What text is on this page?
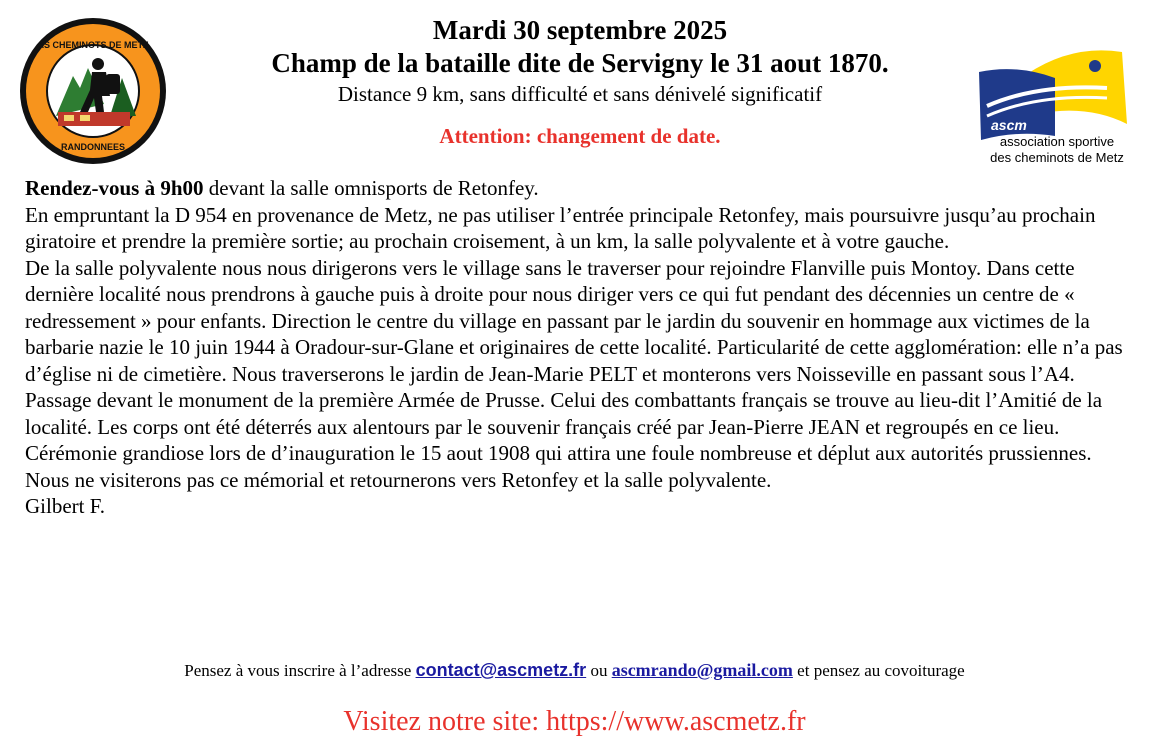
AS CHEMINOTS DE METZ
RANDONNEES
Mardi 30 septembre 2025
Champ de la bataille dite de Servigny le 31 aout 1870.
Distance 9 km, sans difficulté et sans dénivelé significatif
Attention: changement de date.	ascm
association sportive
des cheminots de Metz

Rendez-vous à 9h00 devant la salle omnisports de Retonfey.

En empruntant la D 954 en provenance de Metz, ne pas utiliser l’entrée principale Retonfey, mais poursuivre jusqu’au prochain giratoire et prendre la première sortie; au prochain croisement, à un km, la salle polyvalente et à votre gauche.

De la salle polyvalente nous nous dirigerons vers le village sans le traverser pour rejoindre Flanville puis Montoy. Dans cette dernière localité nous prendrons à gauche puis à droite pour nous diriger vers ce qui fut pendant des décennies un centre de « redressement » pour enfants. Direction le centre du village en passant par le jardin du souvenir en hommage aux victimes de la barbarie nazie le 10 juin 1944 à Oradour-sur-Glane et originaires de cette localité. Particularité de cette agglomération: elle n’a pas d’église ni de cimetière. Nous traverserons le jardin de Jean-Marie PELT et monterons vers Noisseville en passant sous l’A4. Passage devant le monument de la première Armée de Prusse. Celui des combattants français se trouve au lieu-dit l’Amitié de la localité. Les corps ont été déterrés aux alentours par le souvenir français créé par Jean-Pierre JEAN et regroupés en ce lieu. Cérémonie grandiose lors de d’inauguration le 15 aout 1908 qui attira une foule nombreuse et déplut aux autorités prussiennes. Nous ne visiterons pas ce mémorial et retournerons vers Retonfey et la salle polyvalente.

Gilbert F.

Pensez à vous inscrire à l’adresse contact@ascmetz.fr ou ascmrando@gmail.com et pensez au covoiturage
Visitez notre site: https://www.ascmetz.fr
